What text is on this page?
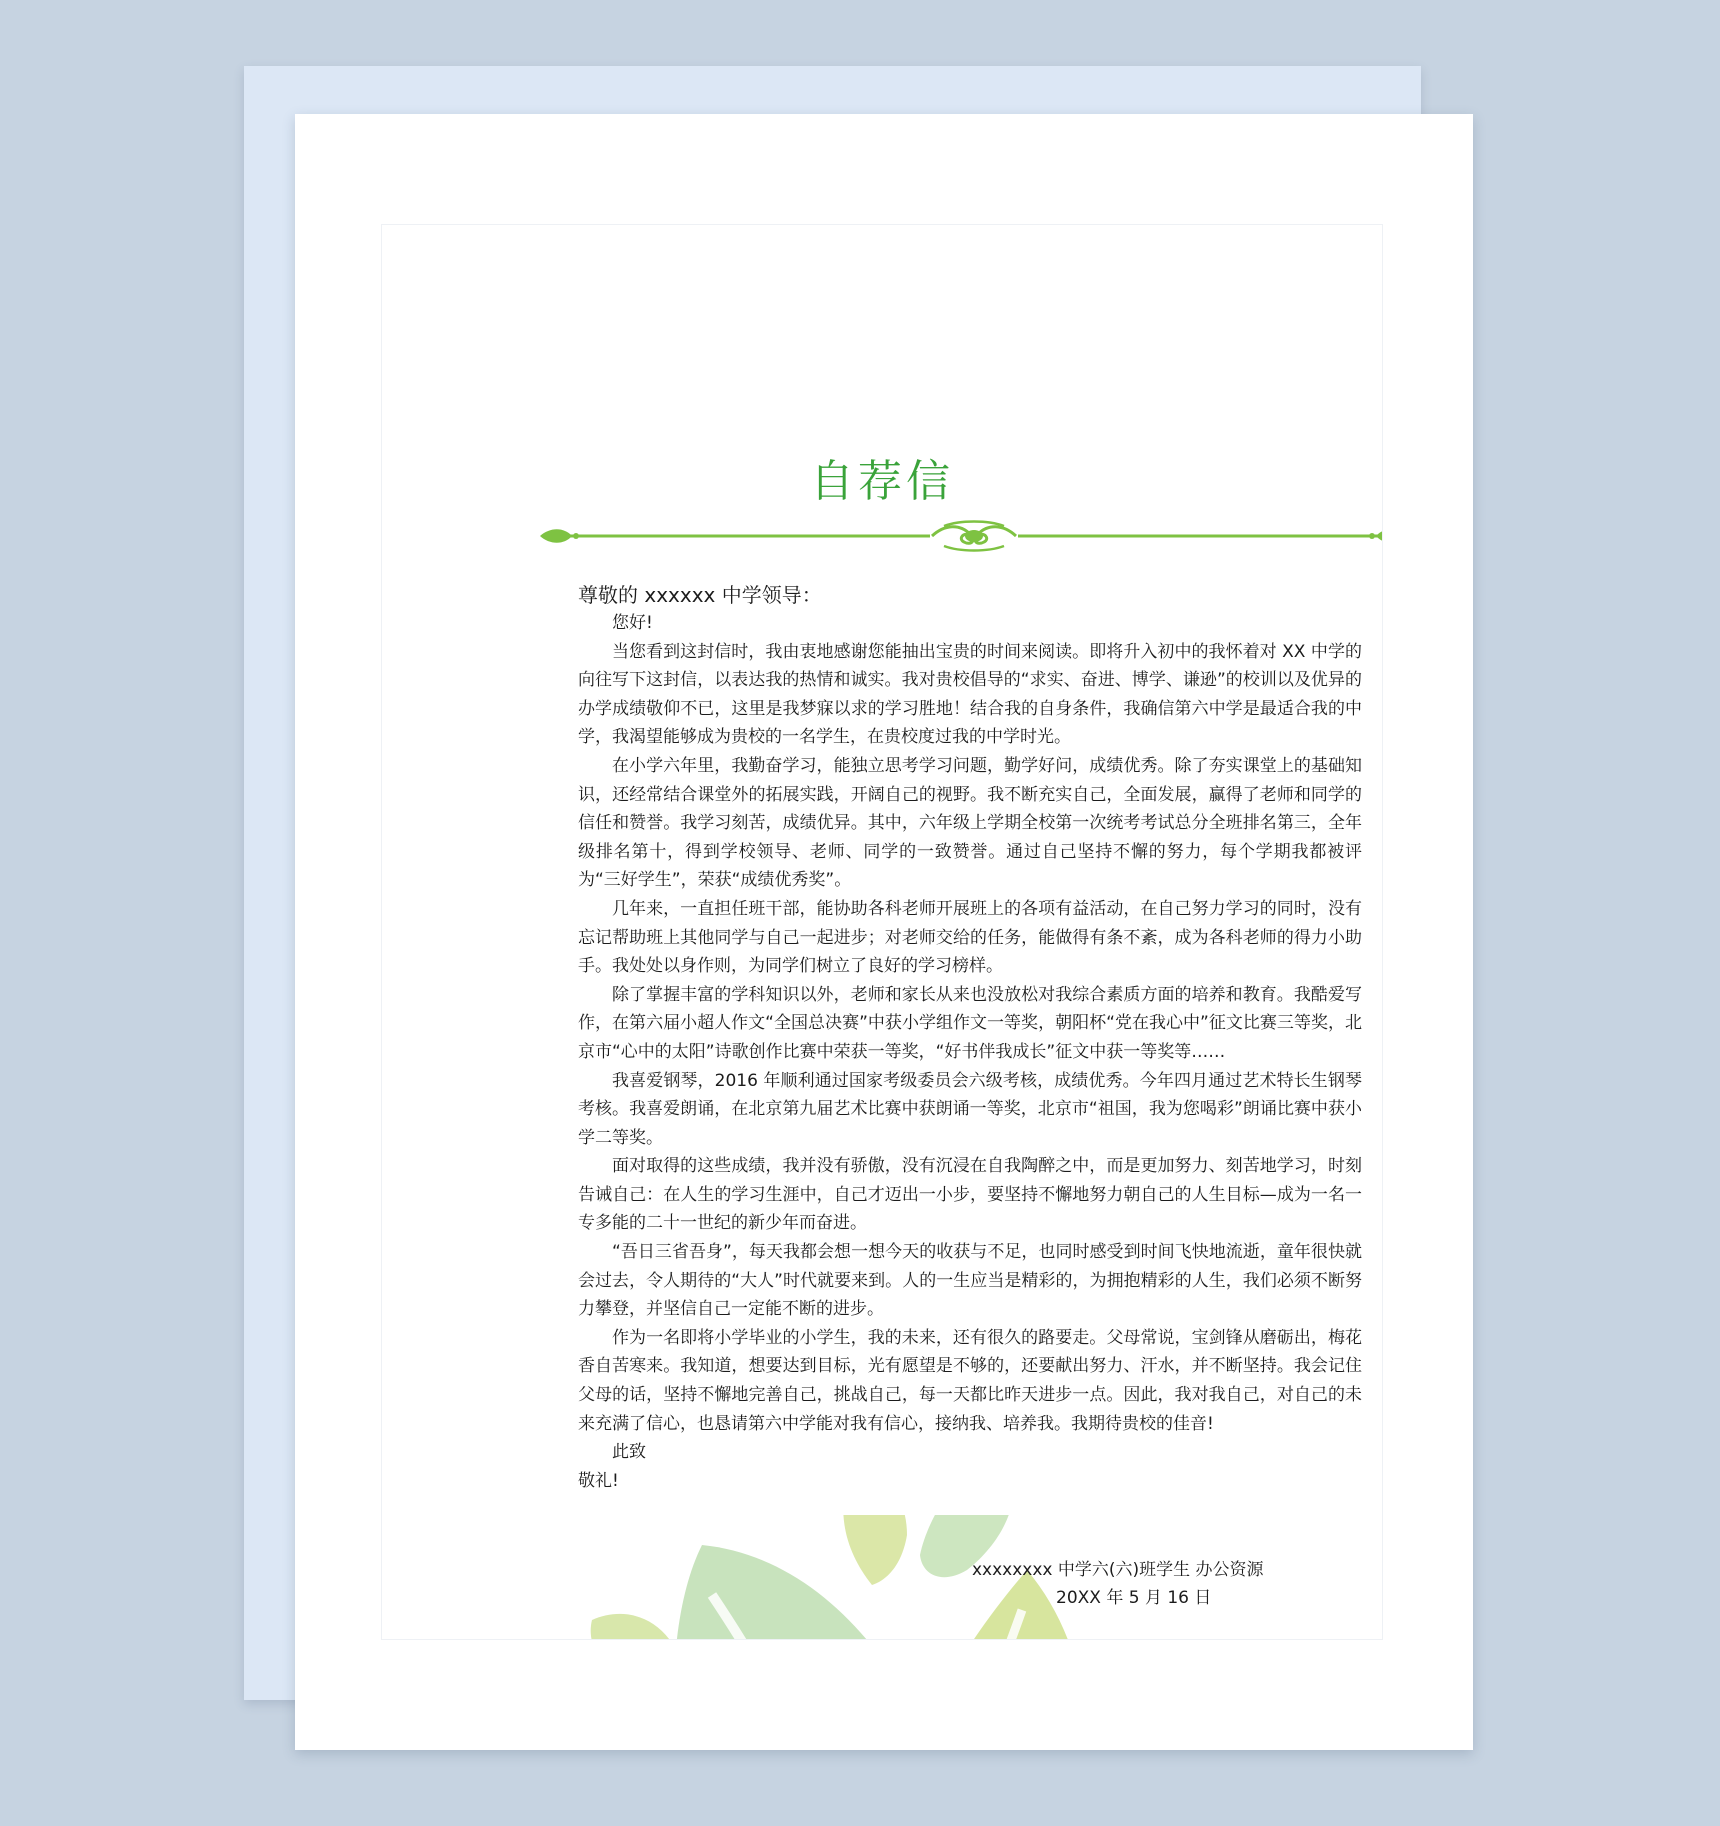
自荐信
尊敬的 xxxxxx 中学领导：

您好!

当您看到这封信时，我由衷地感谢您能抽出宝贵的时间来阅读。即将升入初中的我怀着对 XX 中学的向往写下这封信，以表达我的热情和诚实。我对贵校倡导的“求实、奋进、博学、谦逊”的校训以及优异的办学成绩敬仰不已，这里是我梦寐以求的学习胜地！结合我的自身条件，我确信第六中学是最适合我的中学，我渴望能够成为贵校的一名学生，在贵校度过我的中学时光。

在小学六年里，我勤奋学习，能独立思考学习问题，勤学好问，成绩优秀。除了夯实课堂上的基础知识，还经常结合课堂外的拓展实践，开阔自己的视野。我不断充实自己，全面发展，赢得了老师和同学的信任和赞誉。我学习刻苦，成绩优异。其中，六年级上学期全校第一次统考考试总分全班排名第三，全年级排名第十，得到学校领导、老师、同学的一致赞誉。通过自己坚持不懈的努力，每个学期我都被评为“三好学生”，荣获“成绩优秀奖”。

几年来，一直担任班干部，能协助各科老师开展班上的各项有益活动，在自己努力学习的同时，没有忘记帮助班上其他同学与自己一起进步；对老师交给的任务，能做得有条不紊，成为各科老师的得力小助手。我处处以身作则，为同学们树立了良好的学习榜样。

除了掌握丰富的学科知识以外，老师和家长从来也没放松对我综合素质方面的培养和教育。我酷爱写作，在第六届小超人作文“全国总决赛”中获小学组作文一等奖，朝阳杯“党在我心中”征文比赛三等奖，北京市“心中的太阳”诗歌创作比赛中荣获一等奖，“好书伴我成长”征文中获一等奖等……

我喜爱钢琴，2016 年顺利通过国家考级委员会六级考核，成绩优秀。今年四月通过艺术特长生钢琴考核。我喜爱朗诵，在北京第九届艺术比赛中获朗诵一等奖，北京市“祖国，我为您喝彩”朗诵比赛中获小学二等奖。

面对取得的这些成绩，我并没有骄傲，没有沉浸在自我陶醉之中，而是更加努力、刻苦地学习，时刻告诫自己：在人生的学习生涯中，自己才迈出一小步，要坚持不懈地努力朝自己的人生目标—成为一名一专多能的二十一世纪的新少年而奋进。

“吾日三省吾身”，每天我都会想一想今天的收获与不足，也同时感受到时间飞快地流逝，童年很快就会过去，令人期待的“大人”时代就要来到。人的一生应当是精彩的，为拥抱精彩的人生，我们必须不断努力攀登，并坚信自己一定能不断的进步。

作为一名即将小学毕业的小学生，我的未来，还有很久的路要走。父母常说，宝剑锋从磨砺出，梅花香自苦寒来。我知道，想要达到目标，光有愿望是不够的，还要献出努力、汗水，并不断坚持。我会记住父母的话，坚持不懈地完善自己，挑战自己，每一天都比昨天进步一点。因此，我对我自己，对自己的未来充满了信心，也恳请第六中学能对我有信心，接纳我、培养我。我期待贵校的佳音!

此致

敬礼!

xxxxxxxx 中学六(六)班学生 办公资源
20XX 年 5 月 16 日
